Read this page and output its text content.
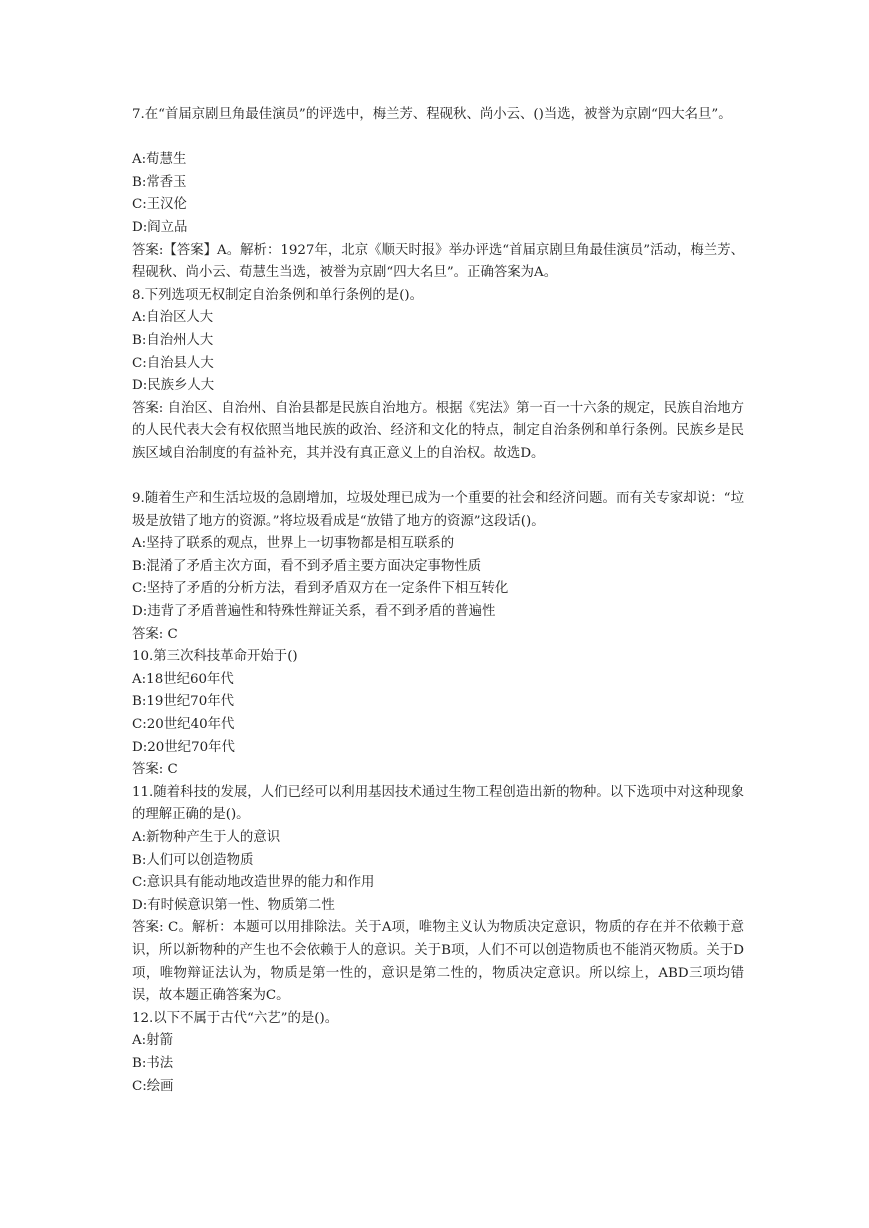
7.在“首届京剧旦角最佳演员”的评选中，梅兰芳、程砚秋、尚小云、()当选，被誉为京剧“四大名旦”。
A:荀慧生
B:常香玉
C:王汉伦
D:阎立品
答案:【答案】A。解析：1927年，北京《顺天时报》举办评选“首届京剧旦角最佳演员”活动，梅兰芳、程砚秋、尚小云、荀慧生当选，被誉为京剧“四大名旦”。正确答案为A。
8.下列选项无权制定自治条例和单行条例的是()。
A:自治区人大
B:自治州人大
C:自治县人大
D:民族乡人大
答案: 自治区、自治州、自治县都是民族自治地方。根据《宪法》第一百一十六条的规定，民族自治地方的人民代表大会有权依照当地民族的政治、经济和文化的特点，制定自治条例和单行条例。民族乡是民族区域自治制度的有益补充，其并没有真正意义上的自治权。故选D。
9.随着生产和生活垃圾的急剧增加，垃圾处理已成为一个重要的社会和经济问题。而有关专家却说：“垃圾是放错了地方的资源。”将垃圾看成是“放错了地方的资源”这段话()。
A:坚持了联系的观点，世界上一切事物都是相互联系的
B:混淆了矛盾主次方面，看不到矛盾主要方面决定事物性质
C:坚持了矛盾的分析方法，看到矛盾双方在一定条件下相互转化
D:违背了矛盾普遍性和特殊性辩证关系，看不到矛盾的普遍性
答案: C
10.第三次科技革命开始于()
A:18世纪60年代
B:19世纪70年代
C:20世纪40年代
D:20世纪70年代
答案: C
11.随着科技的发展，人们已经可以利用基因技术通过生物工程创造出新的物种。以下选项中对这种现象的理解正确的是()。
A:新物种产生于人的意识
B:人们可以创造物质
C:意识具有能动地改造世界的能力和作用
D:有时候意识第一性、物质第二性
答案: C。解析：本题可以用排除法。关于A项，唯物主义认为物质决定意识，物质的存在并不依赖于意识，所以新物种的产生也不会依赖于人的意识。关于B项，人们不可以创造物质也不能消灭物质。关于D项，唯物辩证法认为，物质是第一性的，意识是第二性的，物质决定意识。所以综上，ABD三项均错误，故本题正确答案为C。
12.以下不属于古代“六艺”的是()。
A:射箭
B:书法
C:绘画
